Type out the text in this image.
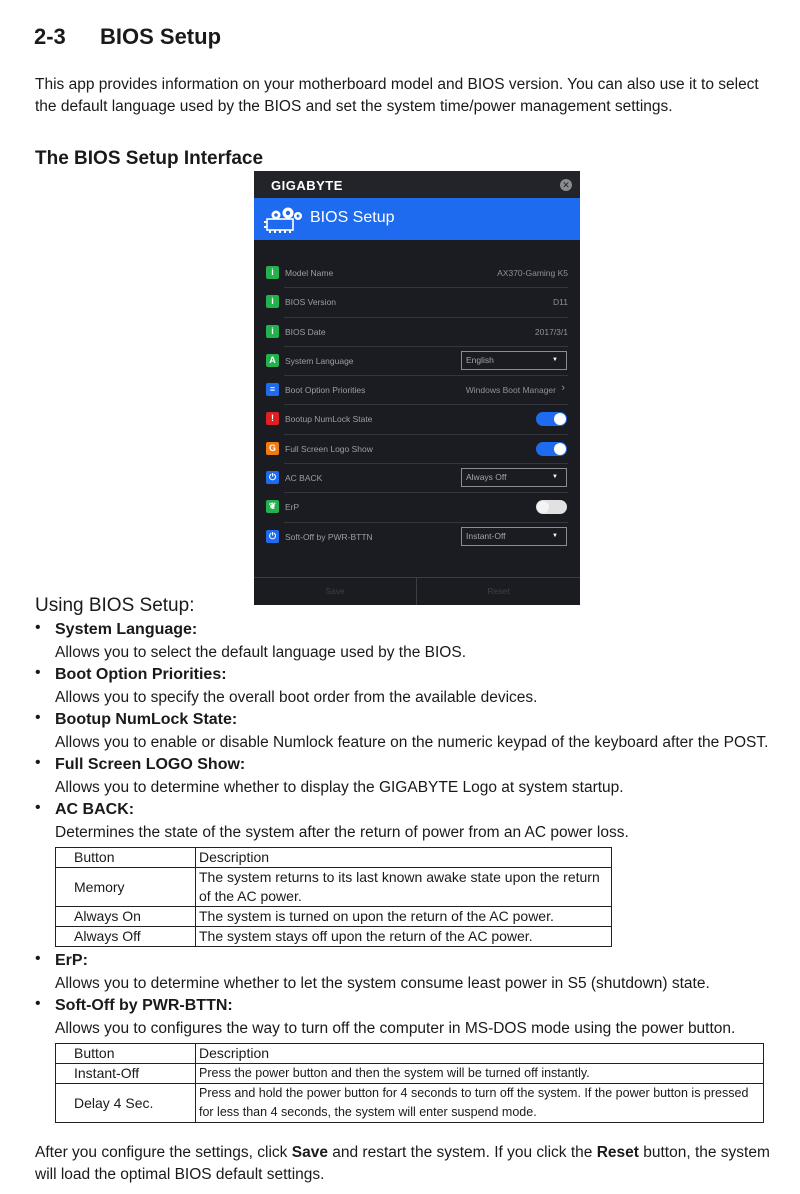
2-3 BIOS Setup

This app provides information on your motherboard model and BIOS version. You can also use it to select the default language used by the BIOS and set the system time/power management settings.

The BIOS Setup Interface
GIGABYTE	✕
BIOS Setup
i	Model Name	AX370-Gaming K5
i	BIOS Version	D11
i	BIOS Date	2017/3/1
A	System Language	English	▼
≡	Boot Option Priorities	Windows Boot Manager ›
!	Bootup NumLock State
G	Full Screen Logo Show
⏻	AC BACK	Always Off	▼
❦	ErP
⏻	Soft-Off by PWR-BTTN	Instant-Off	▼
Save	Reset
Using BIOS Setup:
• System Language:
Allows you to select the default language used by the BIOS.
• Boot Option Priorities:
Allows you to specify the overall boot order from the available devices.
• Bootup NumLock State:
Allows you to enable or disable Numlock feature on the numeric keypad of the keyboard after the POST.
• Full Screen LOGO Show:
Allows you to determine whether to display the GIGABYTE Logo at system startup.
• AC BACK:
Determines the state of the system after the return of power from an AC power loss.
Button	Description
Memory	The system returns to its last known awake state upon the return of the AC power.
Always On	The system is turned on upon the return of the AC power.
Always Off	The system stays off upon the return of the AC power.
• ErP:
Allows you to determine whether to let the system consume least power in S5 (shutdown) state.
• Soft-Off by PWR-BTTN:
Allows you to configures the way to turn off the computer in MS-DOS mode using the power button.
Button	Description
Instant-Off	Press the power button and then the system will be turned off instantly.
Delay 4 Sec.	Press and hold the power button for 4 seconds to turn off the system. If the power button is pressed for less than 4 seconds, the system will enter suspend mode.

After you configure the settings, click Save and restart the system. If you click the Reset button, the system will load the optimal BIOS default settings.
